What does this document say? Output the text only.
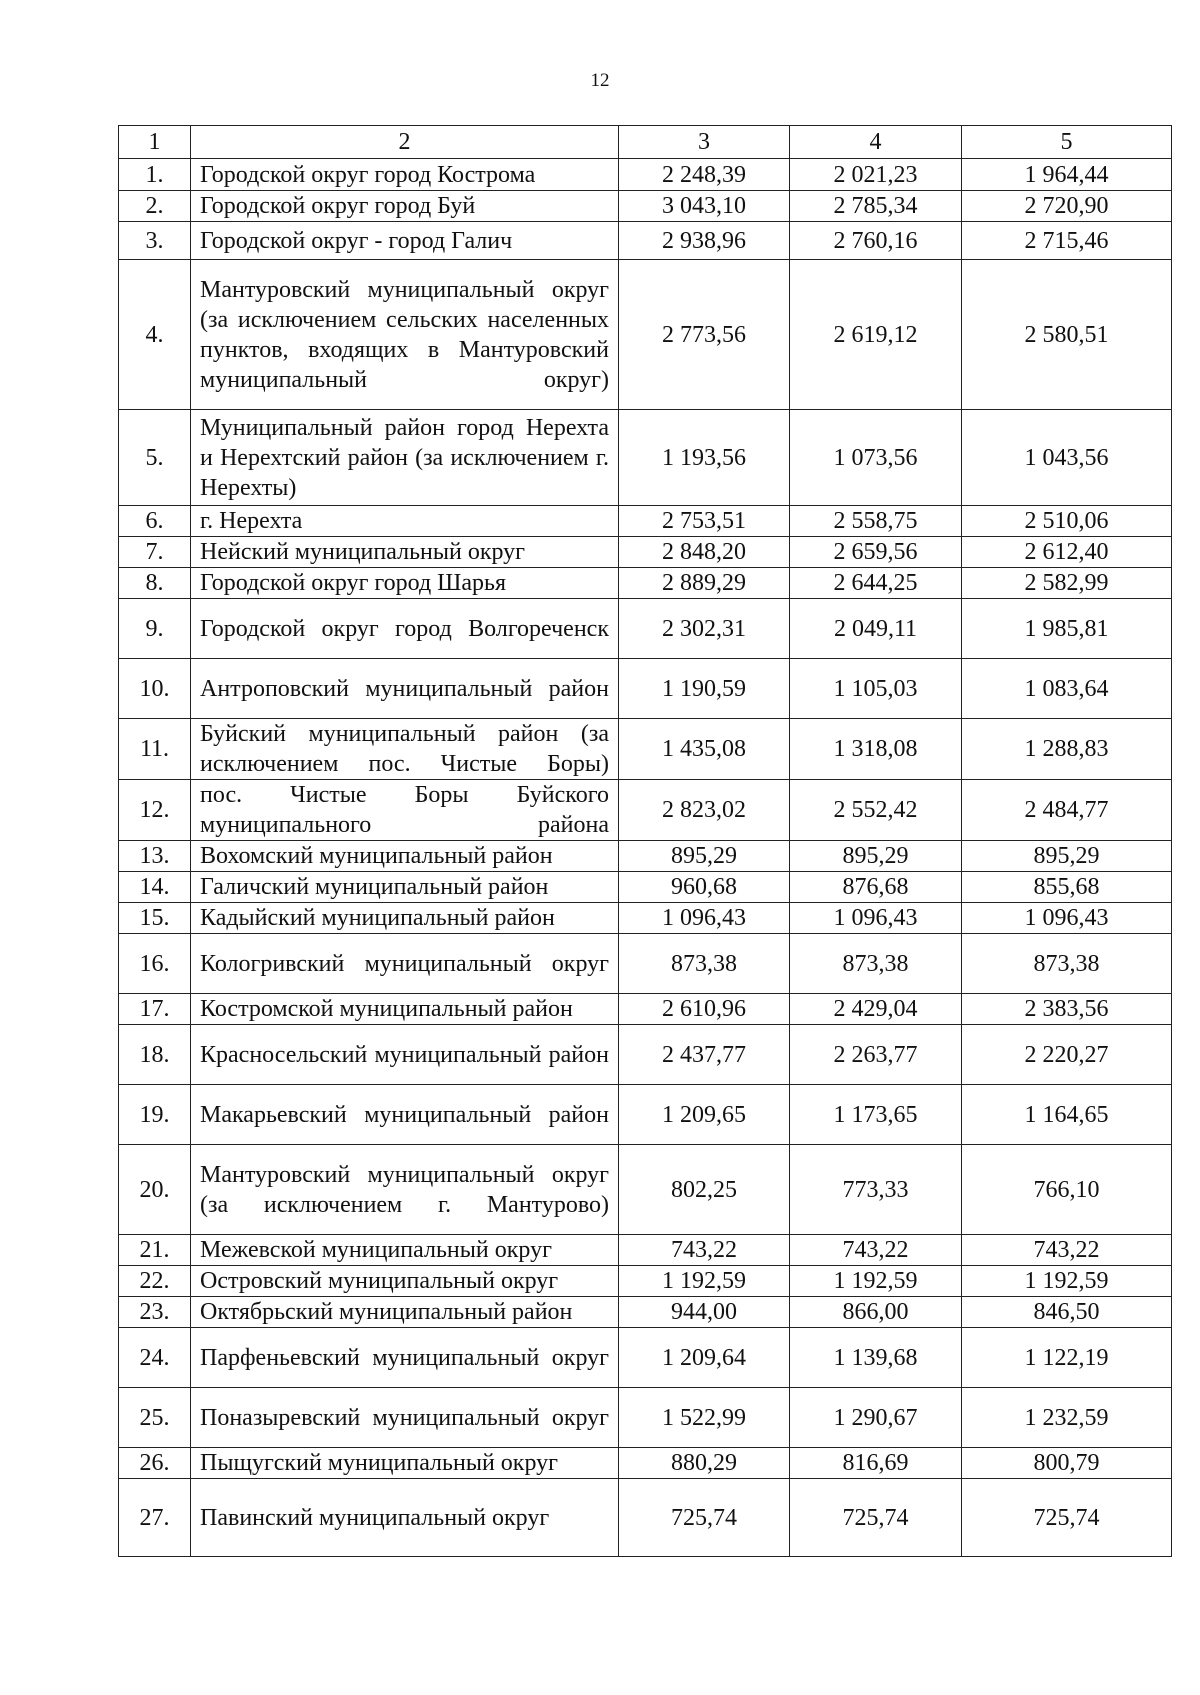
12
1	2	3	4	5
1.	Городской округ город Кострома	2 248,39	2 021,23	1 964,44
2.	Городской округ город Буй	3 043,10	2 785,34	2 720,90
3.	Городской округ - город Галич	2 938,96	2 760,16	2 715,46
4.	Мантуровский муниципальный округ (за исключением сельских населенных пунктов, входящих в Мантуровский муниципальный округ)	2 773,56	2 619,12	2 580,51
5.	Муниципальный район город Нерехта и Нерехтский район (за исключением г. Нерехты)	1 193,56	1 073,56	1 043,56
6.	г. Нерехта	2 753,51	2 558,75	2 510,06
7.	Нейский муниципальный округ	2 848,20	2 659,56	2 612,40
8.	Городской округ город Шарья	2 889,29	2 644,25	2 582,99
9.	Городской округ город Волгореченск	2 302,31	2 049,11	1 985,81
10.	Антроповский муниципальный район	1 190,59	1 105,03	1 083,64
11.	Буйский муниципальный район (за исключением пос. Чистые Боры)	1 435,08	1 318,08	1 288,83
12.	пос. Чистые Боры Буйского муниципального района	2 823,02	2 552,42	2 484,77
13.	Вохомский муниципальный район	895,29	895,29	895,29
14.	Галичский муниципальный район	960,68	876,68	855,68
15.	Кадыйский муниципальный район	1 096,43	1 096,43	1 096,43
16.	Кологривский муниципальный округ	873,38	873,38	873,38
17.	Костромской муниципальный район	2 610,96	2 429,04	2 383,56
18.	Красносельский муниципальный район	2 437,77	2 263,77	2 220,27
19.	Макарьевский муниципальный район	1 209,65	1 173,65	1 164,65
20.	Мантуровский муниципальный округ (за исключением г. Мантурово)	802,25	773,33	766,10
21.	Межевской муниципальный округ	743,22	743,22	743,22
22.	Островский муниципальный округ	1 192,59	1 192,59	1 192,59
23.	Октябрьский муниципальный район	944,00	866,00	846,50
24.	Парфеньевский муниципальный округ	1 209,64	1 139,68	1 122,19
25.	Поназыревский муниципальный округ	1 522,99	1 290,67	1 232,59
26.	Пыщугский муниципальный округ	880,29	816,69	800,79
27.	Павинский муниципальный округ	725,74	725,74	725,74
